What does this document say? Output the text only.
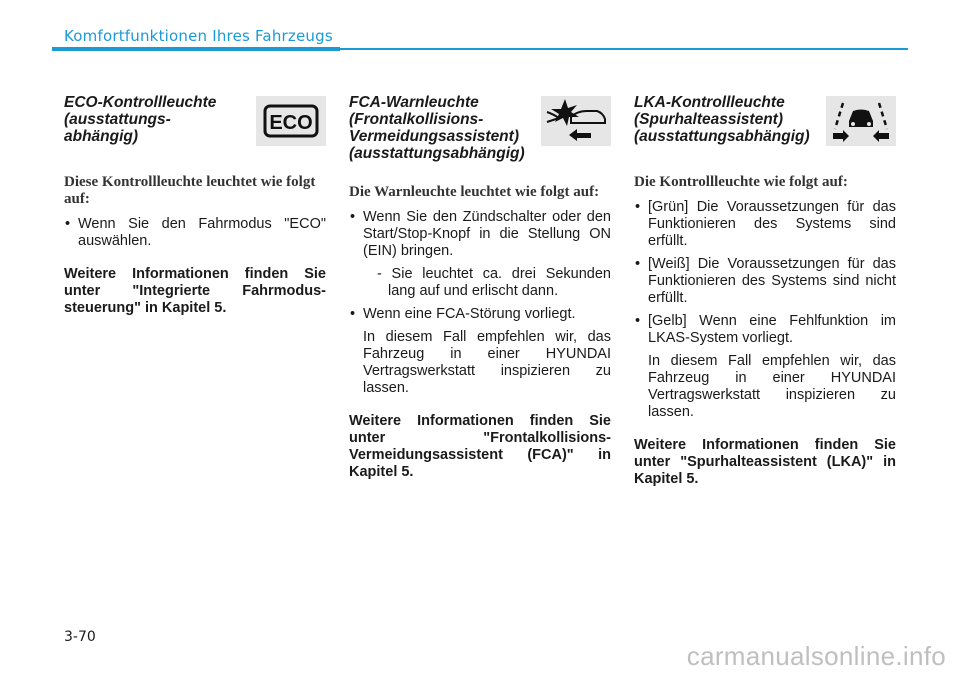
Komfortfunktionen Ihres Fahrzeugs
ECO-Kontrollleuchte
(ausstattungs-
abhängig)
ECO
Diese Kontrollleuchte leuchtet wie folgt auf:
• Wenn Sie den Fahrmodus "ECO" auswählen.
Weitere Informationen finden Sie unter "Integrierte Fahrmodus-steuerung" in Kapitel 5.
FCA-Warnleuchte
(Frontalkollisions-
Vermeidungsassistent)
(ausstattungsabhängig)
Die Warnleuchte leuchtet wie folgt auf:
• Wenn Sie den Zündschalter oder den Start/Stop-Knopf in die Stellung ON (EIN) bringen.
- Sie leuchtet ca. drei Sekunden lang auf und erlischt dann.
• Wenn eine FCA-Störung vorliegt.
In diesem Fall empfehlen wir, das Fahrzeug in einer HYUNDAI Vertragswerkstatt inspizieren zu lassen.
Weitere Informationen finden Sie unter "Frontalkollisions-Vermeidungsassistent (FCA)" in Kapitel 5.
LKA-Kontrollleuchte
(Spurhalteassistent)
(ausstattungsabhängig)
Die Kontrollleuchte wie folgt auf:
• [Grün] Die Voraussetzungen für das Funktionieren des Systems sind erfüllt.
• [Weiß] Die Voraussetzungen für das Funktionieren des Systems sind nicht erfüllt.
• [Gelb] Wenn eine Fehlfunktion im LKAS-System vorliegt.
In diesem Fall empfehlen wir, das Fahrzeug in einer HYUNDAI Vertragswerkstatt inspizieren zu lassen.
Weitere Informationen finden Sie unter "Spurhalteassistent (LKA)" in Kapitel 5.
3-70
carmanualsonline.info
